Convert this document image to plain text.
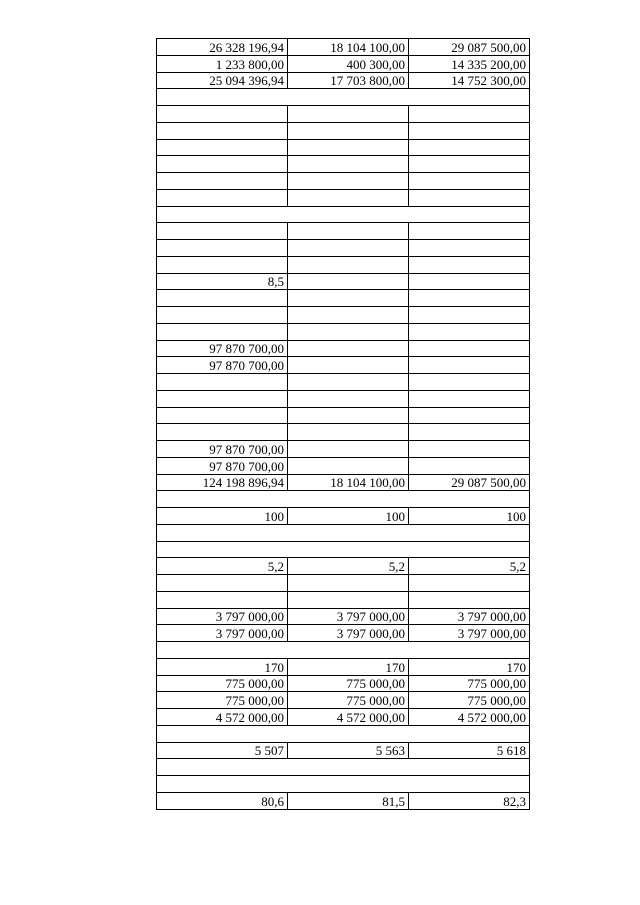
26 328 196,94	18 104 100,00	29 087 500,00
1 233 800,00	400 300,00	14 335 200,00
25 094 396,94	17 703 800,00	14 752 300,00

8,5		

97 870 700,00		
97 870 700,00		

97 870 700,00		
97 870 700,00		
124 198 896,94	18 104 100,00	29 087 500,00

100	100	100

5,2	5,2	5,2

3 797 000,00	3 797 000,00	3 797 000,00
3 797 000,00	3 797 000,00	3 797 000,00

170	170	170
775 000,00	775 000,00	775 000,00
775 000,00	775 000,00	775 000,00
4 572 000,00	4 572 000,00	4 572 000,00

5 507	5 563	5 618

80,6	81,5	82,3
